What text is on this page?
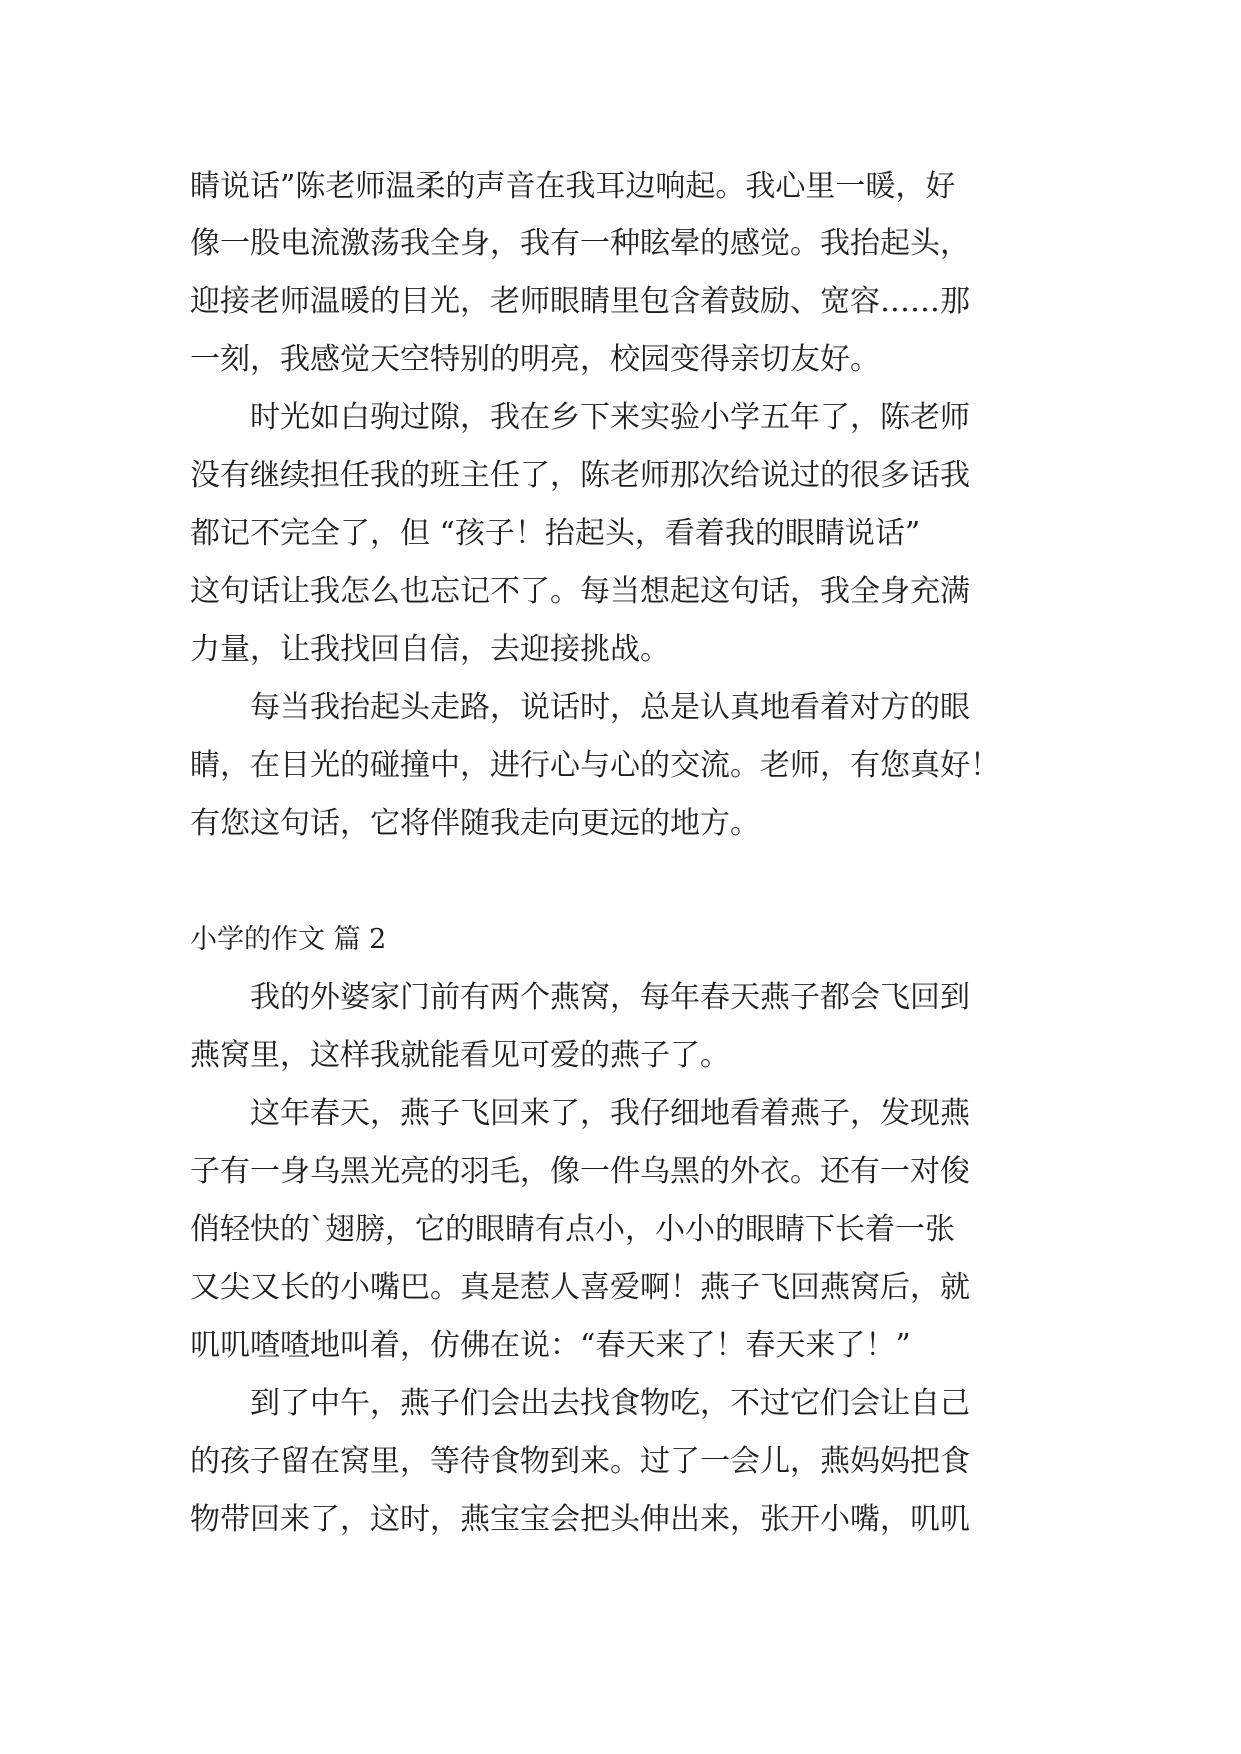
睛说话”陈老师温柔的声音在我耳边响起。我心里一暖，好
像一股电流激荡我全身，我有一种眩晕的感觉。我抬起头，
迎接老师温暖的目光，老师眼睛里包含着鼓励、宽容……那
一刻，我感觉天空特别的明亮，校园变得亲切友好。
　　时光如白驹过隙，我在乡下来实验小学五年了，陈老师
没有继续担任我的班主任了，陈老师那次给说过的很多话我
都记不完全了，但 “孩子！抬起头，看着我的眼睛说话”
这句话让我怎么也忘记不了。每当想起这句话，我全身充满
力量，让我找回自信，去迎接挑战。
　　每当我抬起头走路，说话时，总是认真地看着对方的眼
睛，在目光的碰撞中，进行心与心的交流。老师，有您真好！
有您这句话，它将伴随我走向更远的地方。
小学的作文 篇 2
　　我的外婆家门前有两个燕窝，每年春天燕子都会飞回到
燕窝里，这样我就能看见可爱的燕子了。
　　这年春天，燕子飞回来了，我仔细地看着燕子，发现燕
子有一身乌黑光亮的羽毛，像一件乌黑的外衣。还有一对俊
俏轻快的`翅膀，它的眼睛有点小，小小的眼睛下长着一张
又尖又长的小嘴巴。真是惹人喜爱啊！燕子飞回燕窝后，就
叽叽喳喳地叫着，仿佛在说：“春天来了！春天来了！”
　　到了中午，燕子们会出去找食物吃，不过它们会让自己
的孩子留在窝里，等待食物到来。过了一会儿，燕妈妈把食
物带回来了，这时，燕宝宝会把头伸出来，张开小嘴，叽叽
